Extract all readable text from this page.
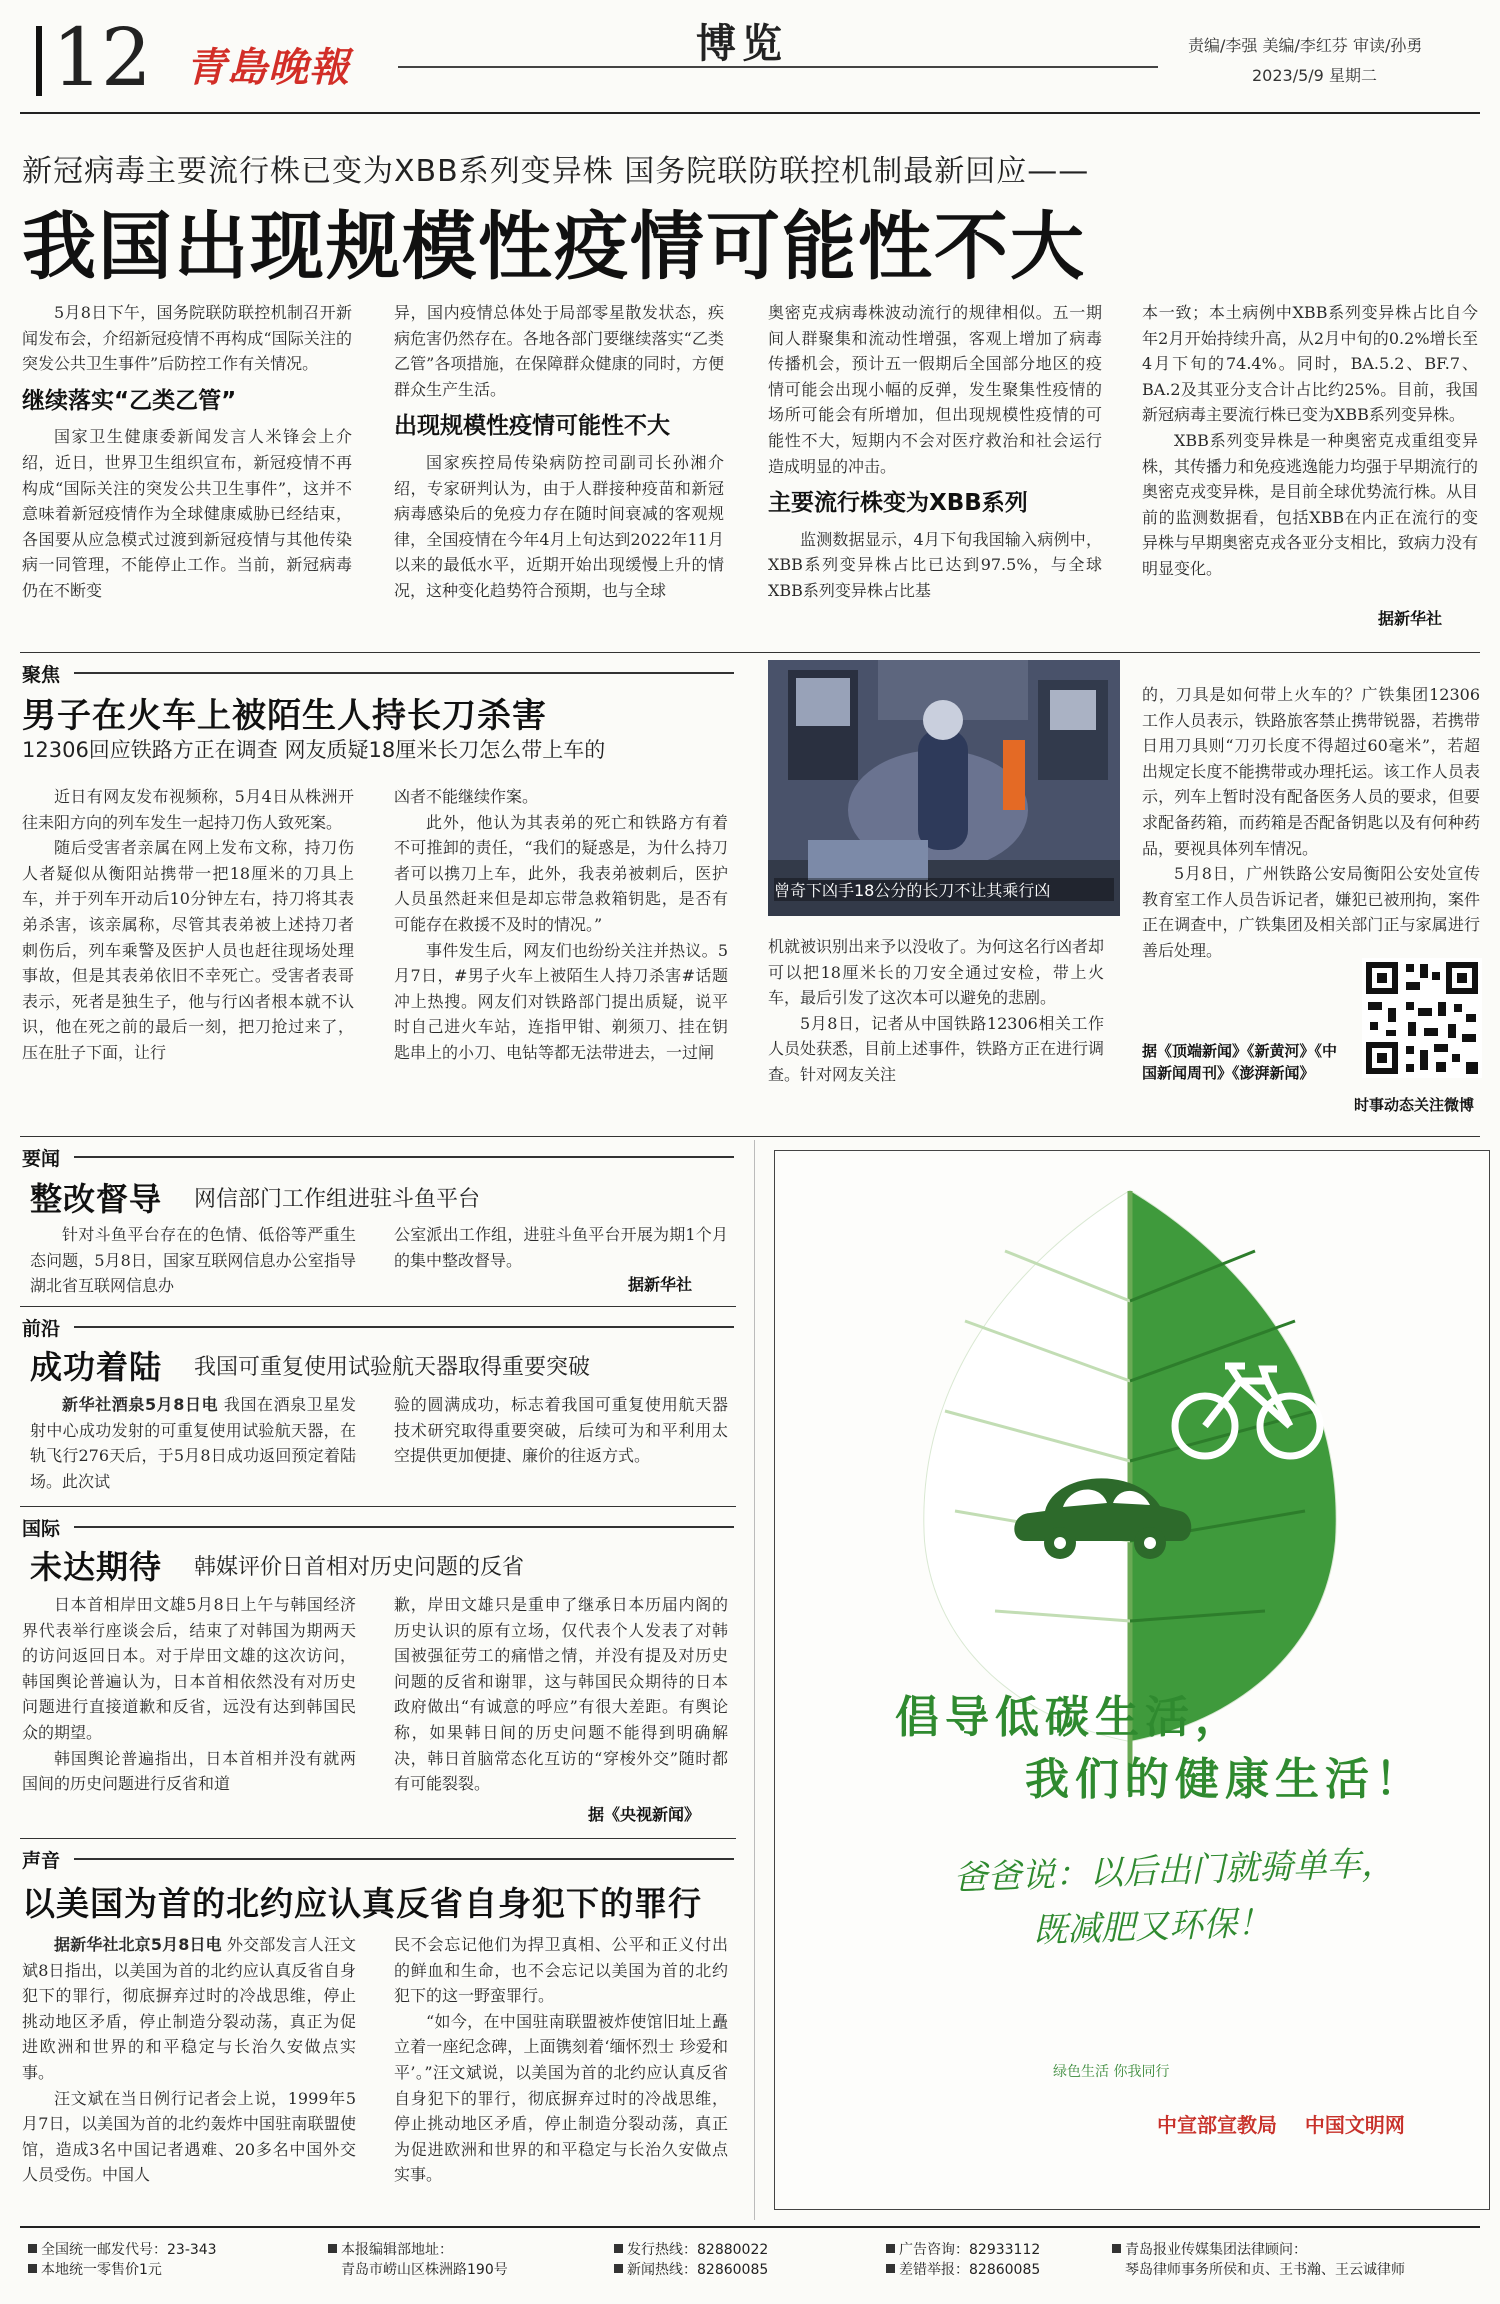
12 青島晚報	博览	责编/李强 美编/李红芬 审读/孙勇
2023/5/9 星期二
新冠病毒主要流行株已变为XBB系列变异株 国务院联防联控机制最新回应——
我国出现规模性疫情可能性不大

5月8日下午，国务院联防联控机制召开新闻发布会，介绍新冠疫情不再构成“国际关注的突发公共卫生事件”后防控工作有关情况。

继续落实“乙类乙管”

国家卫生健康委新闻发言人米锋会上介绍，近日，世界卫生组织宣布，新冠疫情不再构成“国际关注的突发公共卫生事件”，这并不意味着新冠疫情作为全球健康威胁已经结束，各国要从应急模式过渡到新冠疫情与其他传染病一同管理，不能停止工作。当前，新冠病毒仍在不断变

异，国内疫情总体处于局部零星散发状态，疾病危害仍然存在。各地各部门要继续落实“乙类乙管”各项措施，在保障群众健康的同时，方便群众生产生活。

出现规模性疫情可能性不大

国家疾控局传染病防控司副司长孙湘介绍，专家研判认为，由于人群接种疫苗和新冠病毒感染后的免疫力存在随时间衰减的客观规律，全国疫情在今年4月上旬达到2022年11月以来的最低水平，近期开始出现缓慢上升的情况，这种变化趋势符合预期，也与全球

奥密克戎病毒株波动流行的规律相似。五一期间人群聚集和流动性增强，客观上增加了病毒传播机会，预计五一假期后全国部分地区的疫情可能会出现小幅的反弹，发生聚集性疫情的场所可能会有所增加，但出现规模性疫情的可能性不大，短期内不会对医疗救治和社会运行造成明显的冲击。

主要流行株变为XBB系列

监测数据显示，4月下旬我国输入病例中，XBB系列变异株占比已达到97.5%，与全球XBB系列变异株占比基

本一致；本土病例中XBB系列变异株占比自今年2月开始持续升高，从2月中旬的0.2%增长至4月下旬的74.4%。同时，BA.5.2、BF.7、BA.2及其亚分支合计占比约25%。目前，我国新冠病毒主要流行株已变为XBB系列变异株。

XBB系列变异株是一种奥密克戎重组变异株，其传播力和免疫逃逸能力均强于早期流行的奥密克戎变异株，是目前全球优势流行株。从目前的监测数据看，包括XBB在内正在流行的变异株与早期奥密克戎各亚分支相比，致病力没有明显变化。

据新华社
聚焦
男子在火车上被陌生人持长刀杀害
12306回应铁路方正在调查 网友质疑18厘米长刀怎么带上车的

近日有网友发布视频称，5月4日从株洲开往耒阳方向的列车发生一起持刀伤人致死案。

随后受害者亲属在网上发布文称，持刀伤人者疑似从衡阳站携带一把18厘米的刀具上车，并于列车开动后10分钟左右，持刀将其表弟杀害，该亲属称，尽管其表弟被上述持刀者刺伤后，列车乘警及医护人员也赶往现场处理事故，但是其表弟依旧不幸死亡。受害者表哥表示，死者是独生子，他与行凶者根本就不认识，他在死之前的最后一刻，把刀抢过来了，压在肚子下面，让行

凶者不能继续作案。

此外，他认为其表弟的死亡和铁路方有着不可推卸的责任，“我们的疑惑是，为什么持刀者可以携刀上车，此外，我表弟被刺后，医护人员虽然赶来但是却忘带急救箱钥匙，是否有可能存在救援不及时的情况。”

事件发生后，网友们也纷纷关注并热议。5月7日，#男子火车上被陌生人持刀杀害#话题冲上热搜。网友们对铁路部门提出质疑，说平时自己进火车站，连指甲钳、剃须刀、挂在钥匙串上的小刀、电钻等都无法带进去，一过闸

曾奇下凶手18公分的长刀不让其乘行凶

机就被识别出来予以没收了。为何这名行凶者却可以把18厘米长的刀安全通过安检，带上火车，最后引发了这次本可以避免的悲剧。

5月8日，记者从中国铁路12306相关工作人员处获悉，目前上述事件，铁路方正在进行调查。针对网友关注

的，刀具是如何带上火车的？广铁集团12306工作人员表示，铁路旅客禁止携带锐器，若携带日用刀具则“刀刃长度不得超过60毫米”，若超出规定长度不能携带或办理托运。该工作人员表示，列车上暂时没有配备医务人员的要求，但要求配备药箱，而药箱是否配备钥匙以及有何种药品，要视具体列车情况。

5月8日，广州铁路公安局衡阳公安处宣传教育室工作人员告诉记者，嫌犯已被刑拘，案件正在调查中，广铁集团及相关部门正与家属进行善后处理。

据《顶端新闻》《新黄河》《中国新闻周刊》《澎湃新闻》
时事动态关注微博
要闻
整改督导 网信部门工作组进驻斗鱼平台

针对斗鱼平台存在的色情、低俗等严重生态问题，5月8日，国家互联网信息办公室指导湖北省互联网信息办

公室派出工作组，进驻斗鱼平台开展为期1个月的集中整改督导。

据新华社
前沿
成功着陆 我国可重复使用试验航天器取得重要突破

新华社酒泉5月8日电 我国在酒泉卫星发射中心成功发射的可重复使用试验航天器，在轨飞行276天后，于5月8日成功返回预定着陆场。此次试

验的圆满成功，标志着我国可重复使用航天器技术研究取得重要突破，后续可为和平利用太空提供更加便捷、廉价的往返方式。

国际
未达期待 韩媒评价日首相对历史问题的反省

日本首相岸田文雄5月8日上午与韩国经济界代表举行座谈会后，结束了对韩国为期两天的访问返回日本。对于岸田文雄的这次访问，韩国舆论普遍认为，日本首相依然没有对历史问题进行直接道歉和反省，远没有达到韩国民众的期望。

韩国舆论普遍指出，日本首相并没有就两国间的历史问题进行反省和道

歉，岸田文雄只是重申了继承日本历届内阁的历史认识的原有立场，仅代表个人发表了对韩国被强征劳工的痛惜之情，并没有提及对历史问题的反省和谢罪，这与韩国民众期待的日本政府做出“有诚意的呼应”有很大差距。有舆论称，如果韩日间的历史问题不能得到明确解决，韩日首脑常态化互访的“穿梭外交”随时都有可能裂裂。

据《央视新闻》
声音
以美国为首的北约应认真反省自身犯下的罪行

据新华社北京5月8日电 外交部发言人汪文斌8日指出，以美国为首的北约应认真反省自身犯下的罪行，彻底摒弃过时的冷战思维，停止挑动地区矛盾，停止制造分裂动荡，真正为促进欧洲和世界的和平稳定与长治久安做点实事。

汪文斌在当日例行记者会上说，1999年5月7日，以美国为首的北约轰炸中国驻南联盟使馆，造成3名中国记者遇难、20多名中国外交人员受伤。中国人

民不会忘记他们为捍卫真相、公平和正义付出的鲜血和生命，也不会忘记以美国为首的北约犯下的这一野蛮罪行。

“如今，在中国驻南联盟被炸使馆旧址上矗立着一座纪念碑，上面镌刻着‘缅怀烈士 珍爱和平’。”汪文斌说，以美国为首的北约应认真反省自身犯下的罪行，彻底摒弃过时的冷战思维，停止挑动地区矛盾，停止制造分裂动荡，真正为促进欧洲和世界的和平稳定与长治久安做点实事。

倡导低碳生活，
我们的健康生活！
爸爸说：以后出门就骑单车，
既减肥又环保！
绿色生活 你我同行
中宣部宣教局    中国文明网
全国统一邮发代号：23-343
本地统一零售价1元
本报编辑部地址：
青岛市崂山区株洲路190号
发行热线：82880022
新闻热线：82860085
广告咨询：82933112
差错举报：82860085
青岛报业传媒集团法律顾问：
琴岛律师事务所侯和贞、王书瀚、王云诚律师
